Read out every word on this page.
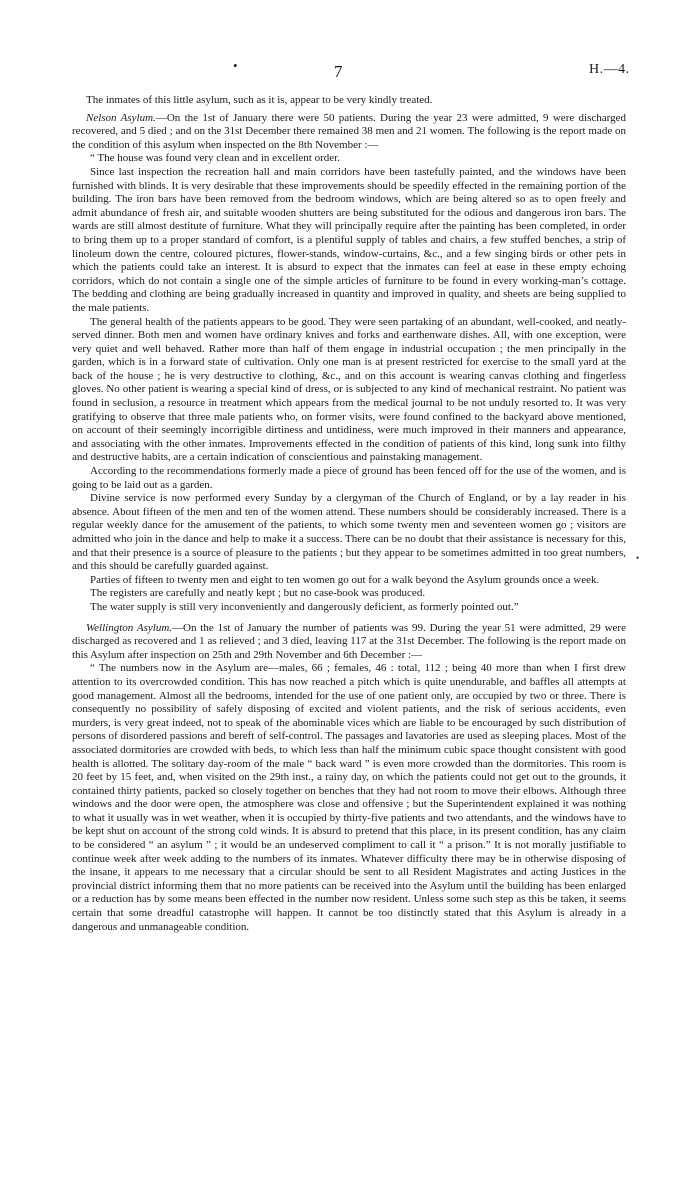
•	7	H.—4.

The inmates of this little asylum, such as it is, appear to be very kindly treated.

Nelson Asylum.—On the 1st of January there were 50 patients. During the year 23 were admitted, 9 were discharged recovered, and 5 died ; and on the 31st December there remained 38 men and 21 women. The following is the report made on the condition of this asylum when inspected on the 8th November :—

“ The house was found very clean and in excellent order.

Since last inspection the recreation hall and main corridors have been tastefully painted, and the windows have been furnished with blinds. It is very desirable that these improvements should be speedily effected in the remaining portion of the building. The iron bars have been removed from the bedroom windows, which are being altered so as to open freely and admit abundance of fresh air, and suitable wooden shutters are being substituted for the odious and dangerous iron bars. The wards are still almost destitute of furniture. What they will principally require after the painting has been completed, in order to bring them up to a proper standard of comfort, is a plentiful supply of tables and chairs, a few stuffed benches, a strip of linoleum down the centre, coloured pictures, flower-stands, window-curtains, &c., and a few singing birds or other pets in which the patients could take an interest. It is absurd to expect that the inmates can feel at ease in these empty echoing corridors, which do not contain a single one of the simple articles of furniture to be found in every working-man’s cottage. The bedding and clothing are being gradually increased in quantity and improved in quality, and sheets are being supplied to the male patients.

The general health of the patients appears to be good. They were seen partaking of an abundant, well-cooked, and neatly-served dinner. Both men and women have ordinary knives and forks and earthenware dishes. All, with one exception, were very quiet and well behaved. Rather more than half of them engage in industrial occupation ; the men principally in the garden, which is in a forward state of cultivation. Only one man is at present restricted for exercise to the small yard at the back of the house ; he is very destructive to clothing, &c., and on this account is wearing canvas clothing and fingerless gloves. No other patient is wearing a special kind of dress, or is subjected to any kind of mechanical restraint. No patient was found in seclusion, a resource in treatment which appears from the medical journal to be not unduly resorted to. It was very gratifying to observe that three male patients who, on former visits, were found confined to the backyard above mentioned, on account of their seemingly incorrigible dirtiness and untidiness, were much improved in their manners and appearance, and associating with the other inmates. Improvements effected in the condition of patients of this kind, long sunk into filthy and destructive habits, are a certain indication of conscientious and painstaking management.

According to the recommendations formerly made a piece of ground has been fenced off for the use of the women, and is going to be laid out as a garden.

Divine service is now performed every Sunday by a clergyman of the Church of England, or by a lay reader in his absence. About fifteen of the men and ten of the women attend. These numbers should be considerably increased. There is a regular weekly dance for the amusement of the patients, to which some twenty men and seventeen women go ; visitors are admitted who join in the dance and help to make it a success. There can be no doubt that their assistance is necessary for this, and that their presence is a source of pleasure to the patients ; but they appear to be sometimes admitted in too great numbers, and this should be carefully guarded against.

Parties of fifteen to twenty men and eight to ten women go out for a walk beyond the Asylum grounds once a week.

The registers are carefully and neatly kept ; but no case-book was produced.

The water supply is still very inconveniently and dangerously deficient, as formerly pointed out.”

Wellington Asylum.—On the 1st of January the number of patients was 99. During the year 51 were admitted, 29 were discharged as recovered and 1 as relieved ; and 3 died, leaving 117 at the 31st December. The following is the report made on this Asylum after inspection on 25th and 29th November and 6th December :—

“ The numbers now in the Asylum are—males, 66 ; females, 46 : total, 112 ; being 40 more than when I first drew attention to its overcrowded condition. This has now reached a pitch which is quite unendurable, and baffles all attempts at good management. Almost all the bedrooms, intended for the use of one patient only, are occupied by two or three. There is consequently no possibility of safely disposing of excited and violent patients, and the risk of serious accidents, even murders, is very great indeed, not to speak of the abominable vices which are liable to be encouraged by such distribution of persons of disordered passions and bereft of self-control. The passages and lavatories are used as sleeping places. Most of the associated dormitories are crowded with beds, to which less than half the minimum cubic space thought consistent with good health is allotted. The solitary day-room of the male “ back ward ” is even more crowded than the dormitories. This room is 20 feet by 15 feet, and, when visited on the 29th inst., a rainy day, on which the patients could not get out to the grounds, it contained thirty patients, packed so closely together on benches that they had not room to move their elbows. Although three windows and the door were open, the atmosphere was close and offensive ; but the Superintendent explained it was nothing to what it usually was in wet weather, when it is occupied by thirty-five patients and two attendants, and the windows have to be kept shut on account of the strong cold winds. It is absurd to pretend that this place, in its present condition, has any claim to be considered “ an asylum ” ; it would be an undeserved compliment to call it “ a prison.” It is not morally justifiable to continue week after week adding to the numbers of its inmates. Whatever difficulty there may be in otherwise disposing of the insane, it appears to me necessary that a circular should be sent to all Resident Magistrates and acting Justices in the provincial district informing them that no more patients can be received into the Asylum until the building has been enlarged or a reduction has by some means been effected in the number now resident. Unless some such step as this be taken, it seems certain that some dreadful catastrophe will happen. It cannot be too distinctly stated that this Asylum is already in a dangerous and unmanageable condition.

•
